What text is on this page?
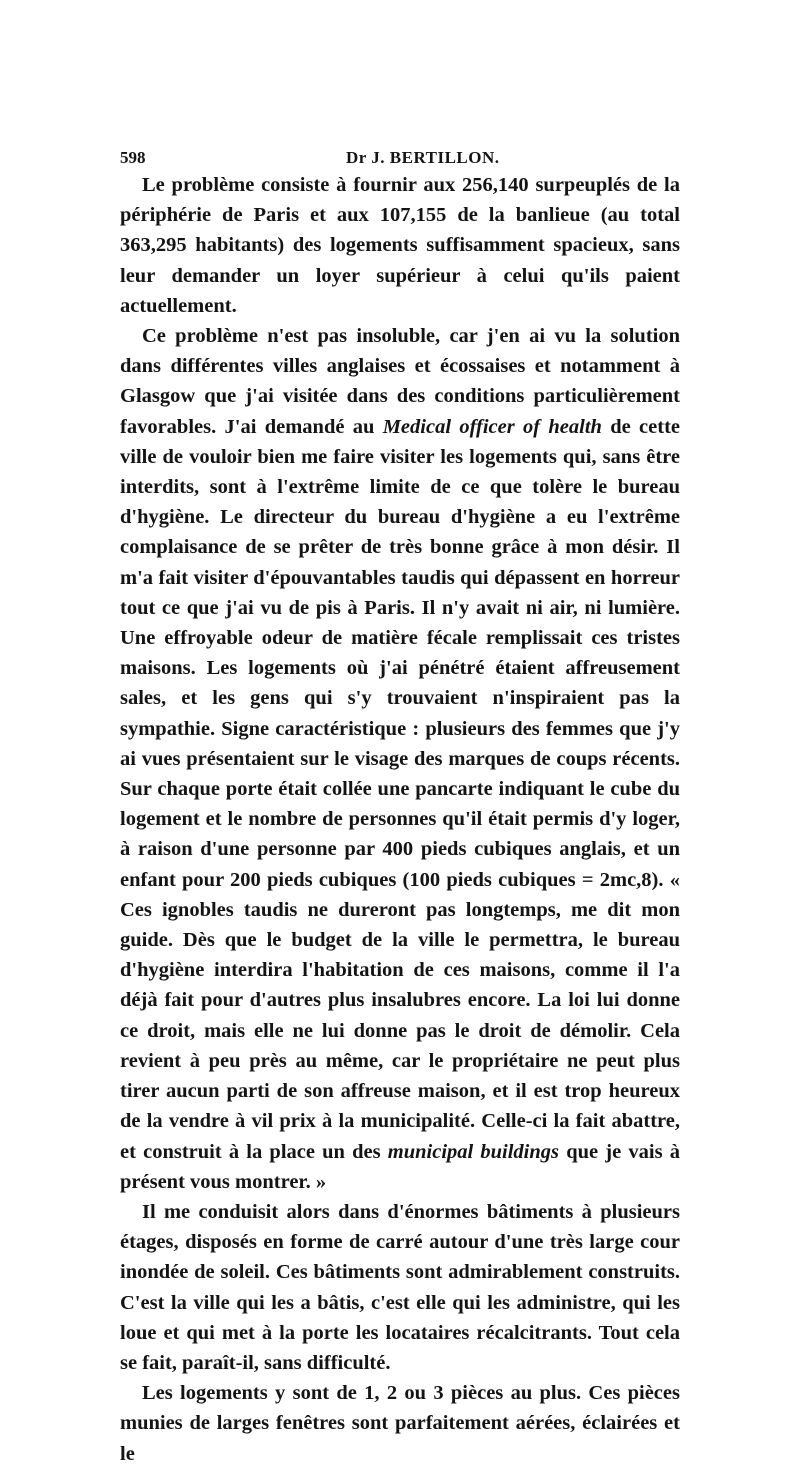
598	Dr J. BERTILLON.

Le problème consiste à fournir aux 256,140 surpeuplés de la périphérie de Paris et aux 107,155 de la banlieue (au total 363,295 habitants) des logements suffisamment spacieux, sans leur demander un loyer supérieur à celui qu'ils paient actuellement.

Ce problème n'est pas insoluble, car j'en ai vu la solution dans différentes villes anglaises et écossaises et notamment à Glasgow que j'ai visitée dans des conditions particulièrement favorables. J'ai demandé au Medical officer of health de cette ville de vouloir bien me faire visiter les logements qui, sans être interdits, sont à l'extrême limite de ce que tolère le bureau d'hygiène. Le directeur du bureau d'hygiène a eu l'extrême complaisance de se prêter de très bonne grâce à mon désir. Il m'a fait visiter d'épouvantables taudis qui dépassent en horreur tout ce que j'ai vu de pis à Paris. Il n'y avait ni air, ni lumière. Une effroyable odeur de matière fécale remplissait ces tristes maisons. Les logements où j'ai pénétré étaient affreusement sales, et les gens qui s'y trouvaient n'inspiraient pas la sympathie. Signe caractéristique : plusieurs des femmes que j'y ai vues présentaient sur le visage des marques de coups récents. Sur chaque porte était collée une pancarte indiquant le cube du logement et le nombre de personnes qu'il était permis d'y loger, à raison d'une personne par 400 pieds cubiques anglais, et un enfant pour 200 pieds cubiques (100 pieds cubiques = 2mc,8). « Ces ignobles taudis ne dureront pas longtemps, me dit mon guide. Dès que le budget de la ville le permettra, le bureau d'hygiène interdira l'habitation de ces maisons, comme il l'a déjà fait pour d'autres plus insalubres encore. La loi lui donne ce droit, mais elle ne lui donne pas le droit de démolir. Cela revient à peu près au même, car le propriétaire ne peut plus tirer aucun parti de son affreuse maison, et il est trop heureux de la vendre à vil prix à la municipalité. Celle-ci la fait abattre, et construit à la place un des municipal buildings que je vais à présent vous montrer. »

Il me conduisit alors dans d'énormes bâtiments à plusieurs étages, disposés en forme de carré autour d'une très large cour inondée de soleil. Ces bâtiments sont admirablement construits. C'est la ville qui les a bâtis, c'est elle qui les administre, qui les loue et qui met à la porte les locataires récalcitrants. Tout cela se fait, paraît-il, sans difficulté.

Les logements y sont de 1, 2 ou 3 pièces au plus. Ces pièces munies de larges fenêtres sont parfaitement aérées, éclairées et le
